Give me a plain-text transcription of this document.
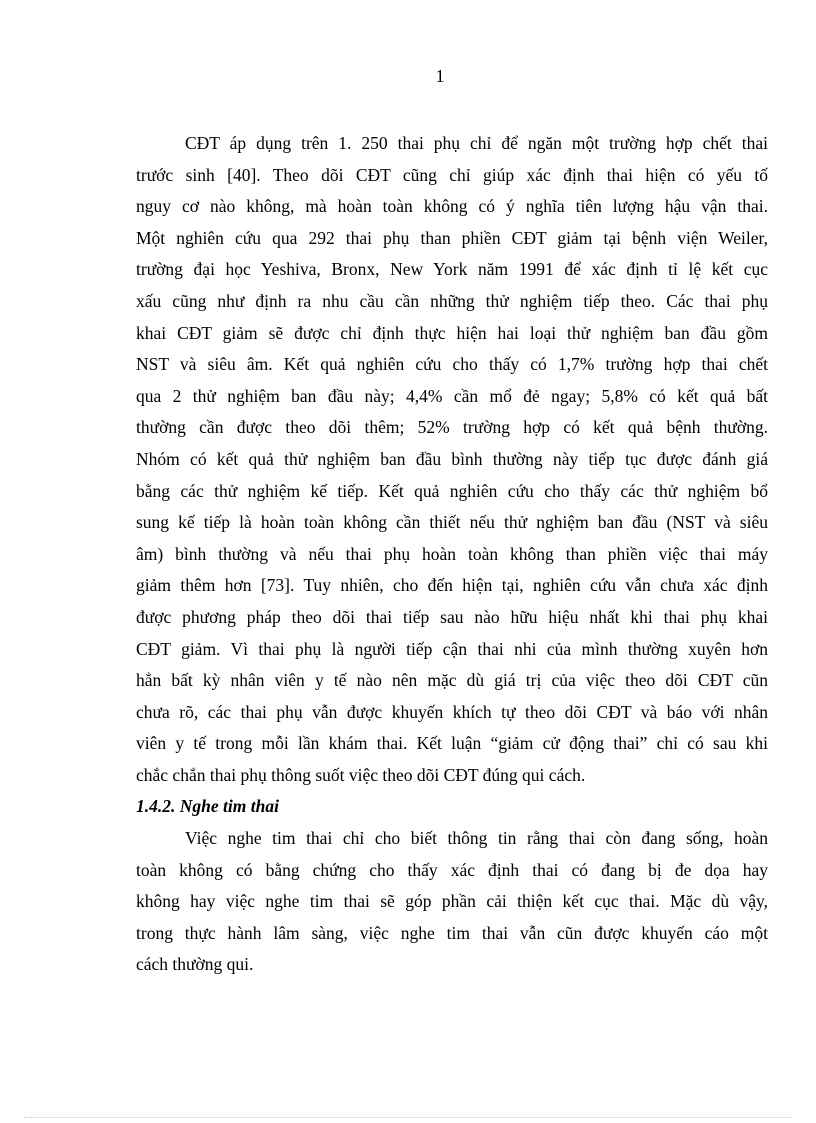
1

CĐT áp dụng trên 1. 250 thai phụ chỉ để ngăn một trường hợp chết thai
trước sinh [40]. Theo dõi CĐT cũng chỉ giúp xác định thai hiện có yếu tố
nguy cơ nào không, mà hoàn toàn không có ý nghĩa tiên lượng hậu vận thai.
Một nghiên cứu qua 292 thai phụ than phiền CĐT giảm tại bệnh viện Weiler,
trường đại học Yeshiva, Bronx, New York năm 1991 để xác định tỉ lệ kết cục
xấu cũng như định ra nhu cầu cần những thử nghiệm tiếp theo. Các thai phụ
khai CĐT giảm sẽ được chỉ định thực hiện hai loại thử nghiệm ban đầu gồm
NST và siêu âm. Kết quả nghiên cứu cho thấy có 1,7% trường hợp thai chết
qua 2 thử nghiệm ban đầu này; 4,4% cần mổ đẻ ngay; 5,8% có kết quả bất
thường cần được theo dõi thêm; 52% trường hợp có kết quả bệnh thường.
Nhóm có kết quả thử nghiệm ban đầu bình thường này tiếp tục được đánh giá
bằng các thử nghiệm kế tiếp. Kết quả nghiên cứu cho thấy các thử nghiệm bổ
sung kế tiếp là hoàn toàn không cần thiết nếu thử nghiệm ban đầu (NST và siêu
âm) bình thường và nếu thai phụ hoàn toàn không than phiền việc thai máy
giảm thêm hơn [73]. Tuy nhiên, cho đến hiện tại, nghiên cứu vẫn chưa xác định
được phương pháp theo dõi thai tiếp sau nào hữu hiệu nhất khi thai phụ khai
CĐT giảm. Vì thai phụ là người tiếp cận thai nhi của mình thường xuyên hơn
hẳn bất kỳ nhân viên y tế nào nên mặc dù giá trị của việc theo dõi CĐT cũn
chưa rõ, các thai phụ vẫn được khuyến khích tự theo dõi CĐT và báo với nhân
viên y tế trong mỗi lần khám thai. Kết luận “giảm cử động thai” chỉ có sau khi
chắc chắn thai phụ thông suốt việc theo dõi CĐT đúng qui cách.

1.4.2. Nghe tim thai

Việc nghe tim thai chỉ cho biết thông tin rằng thai còn đang sống, hoàn
toàn không có bằng chứng cho thấy xác định thai có đang bị đe dọa hay
không hay việc nghe tim thai sẽ góp phần cải thiện kết cục thai. Mặc dù vậy,
trong thực hành lâm sàng, việc nghe tim thai vẫn cũn được khuyến cáo một
cách thường qui.
